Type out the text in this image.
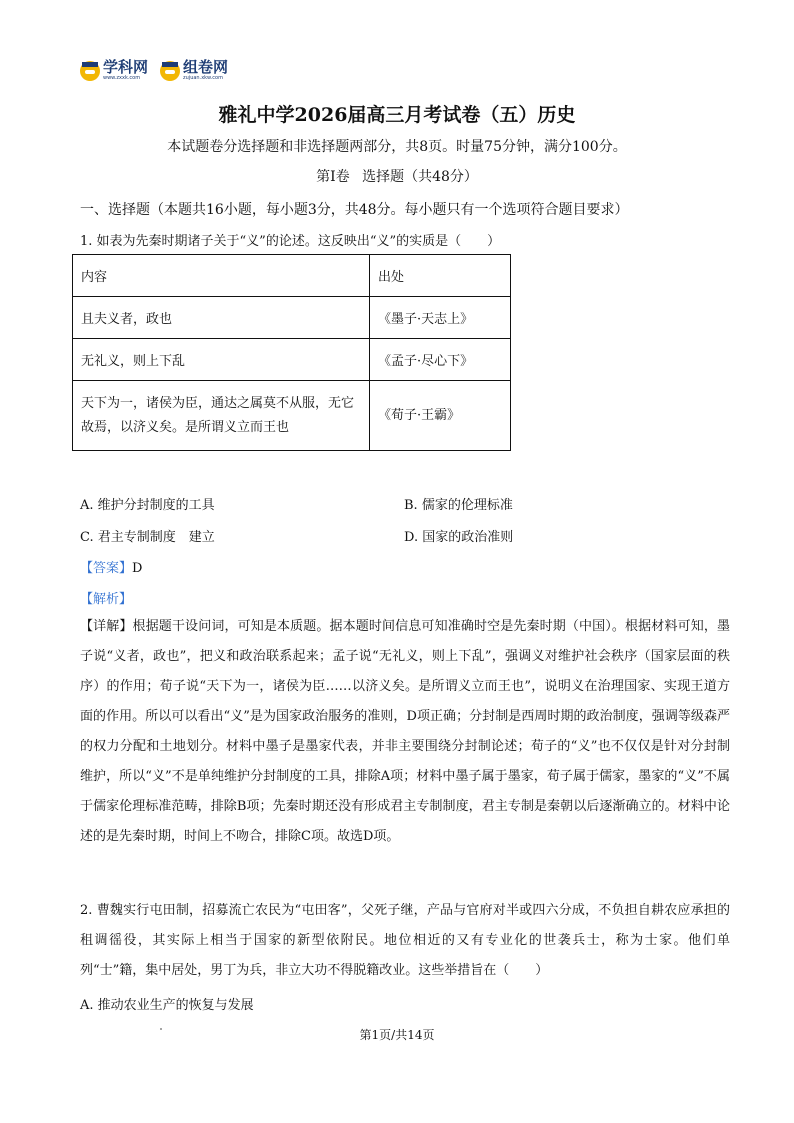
学科网
www.zxxk.com
组卷网
zujuan.xkw.com
雅礼中学2026届高三月考试卷（五）历史
本试题卷分选择题和非选择题两部分，共8页。时量75分钟，满分100分。
第Ⅰ卷 选择题（共48分）
一、选择题（本题共16小题，每小题3分，共48分。每小题只有一个选项符合题目要求）
1. 如表为先秦时期诸子关于“义”的论述。这反映出“义”的实质是（　　）
内容	出处
且夫义者，政也	《墨子·天志上》
无礼义，则上下乱	《孟子·尽心下》
天下为一，诸侯为臣，通达之属莫不从服，无它故焉，以济义矣。是所谓义立而王也	《荀子·王霸》
A. 维护分封制度的工具	B. 儒家的伦理标准
C. 君主专制制度　建立	D. 国家的政治准则
【答案】D
【解析】
【详解】根据题干设问词，可知是本质题。据本题时间信息可知准确时空是先秦时期（中国）。根据材料可知，墨子说“义者，政也”，把义和政治联系起来；孟子说“无礼义，则上下乱”，强调义对维护社会秩序（国家层面的秩序）的作用；荀子说“天下为一，诸侯为臣……以济义矣。是所谓义立而王也”，说明义在治理国家、实现王道方面的作用。所以可以看出“义”是为国家政治服务的准则，D项正确；分封制是西周时期的政治制度，强调等级森严的权力分配和土地划分。材料中墨子是墨家代表，并非主要围绕分封制论述；荀子的“义”也不仅仅是针对分封制维护，所以“义”不是单纯维护分封制度的工具，排除A项；材料中墨子属于墨家，荀子属于儒家，墨家的“义”不属于儒家伦理标准范畴，排除B项；先秦时期还没有形成君主专制制度，君主专制是秦朝以后逐渐确立的。材料中论述的是先秦时期，时间上不吻合，排除C项。故选D项。
2. 曹魏实行屯田制，招募流亡农民为“屯田客”，父死子继，产品与官府对半或四六分成，不负担自耕农应承担的租调徭役，其实际上相当于国家的新型依附民。地位相近的又有专业化的世袭兵士，称为士家。他们单列“士”籍，集中居处，男丁为兵，非立大功不得脱籍改业。这些举措旨在（　　）
A. 推动农业生产的恢复与发展
第1页/共14页
